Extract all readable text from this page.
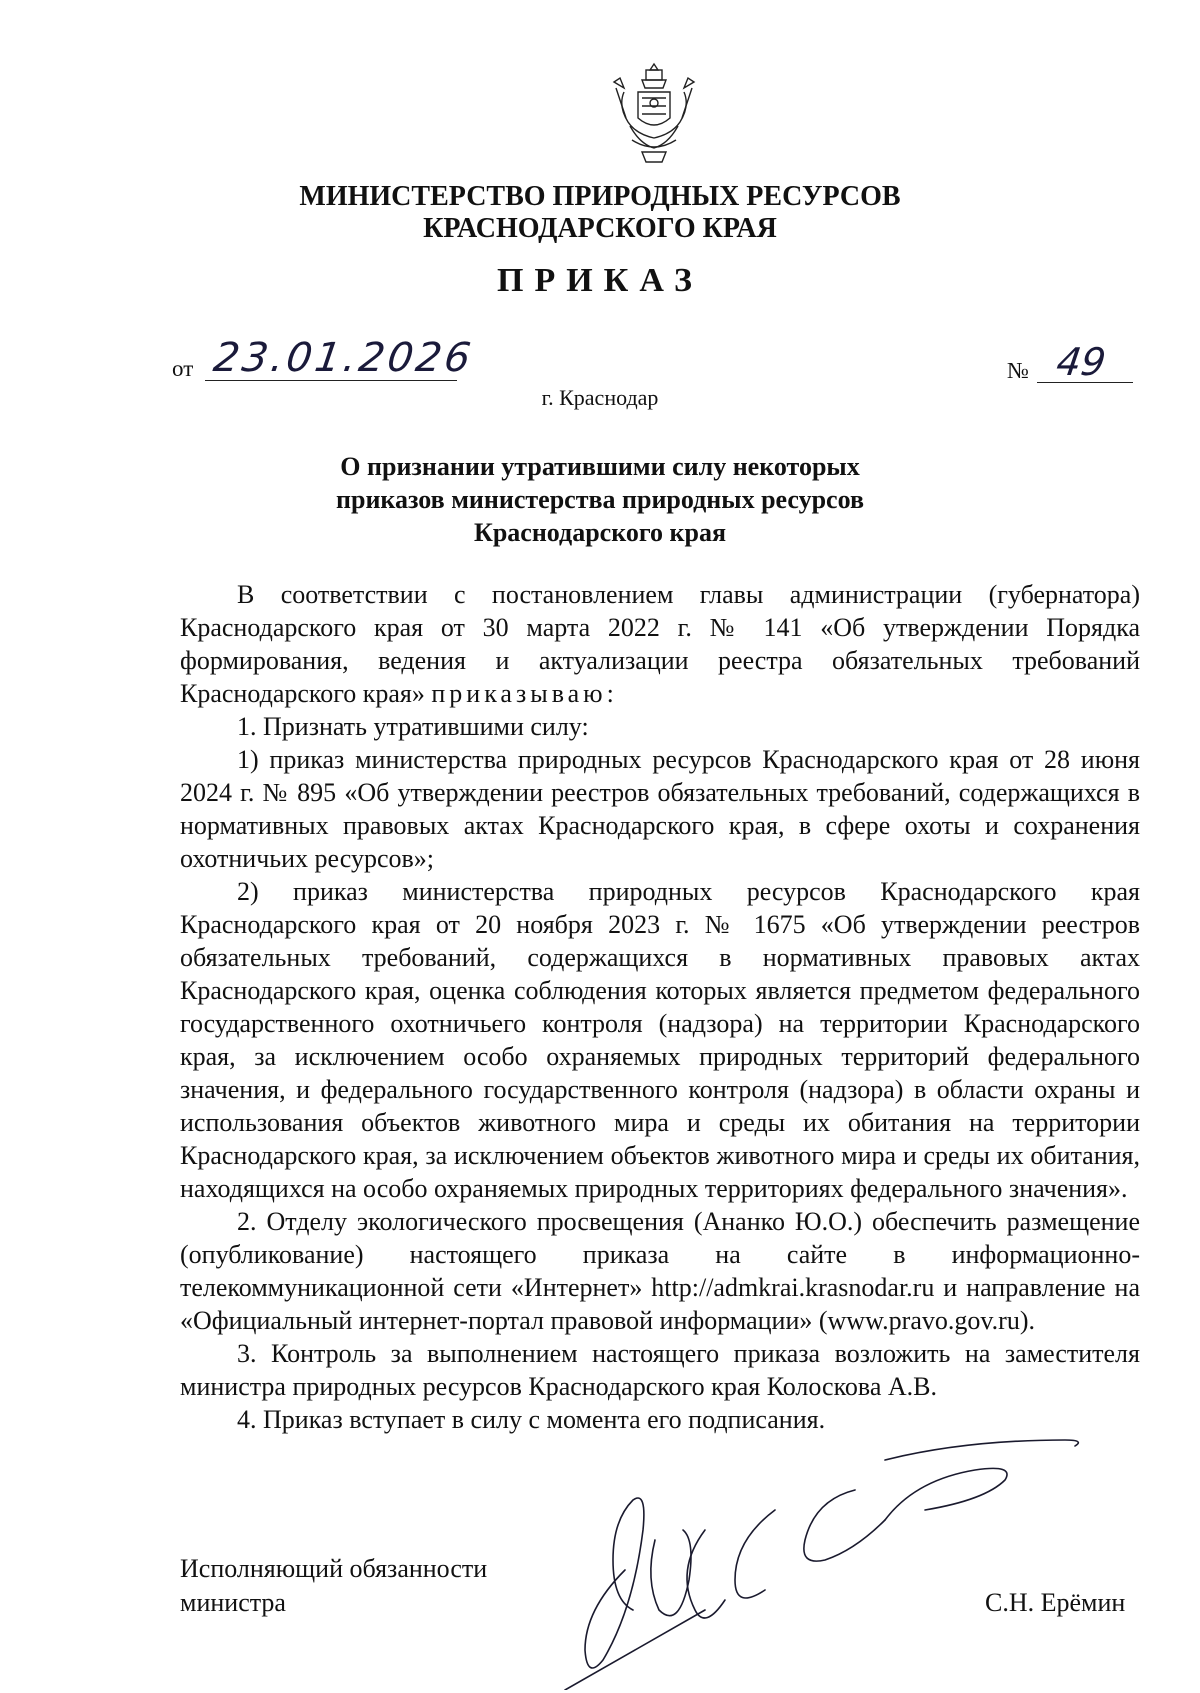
МИНИСТЕРСТВО ПРИРОДНЫХ РЕСУРСОВ
КРАСНОДАРСКОГО КРАЯ
ПРИКАЗ
от 23.01.2026	№ 49
г. Краснодар
О признании утратившими силу некоторых
приказов министерства природных ресурсов
Краснодарского края

В соответствии с постановлением главы администрации (губернатора) Краснодарского края от 30 марта 2022 г. № 141 «Об утверждении Порядка формирования, ведения и актуализации реестра обязательных требований Краснодарского края» приказываю:

1. Признать утратившими силу:

1) приказ министерства природных ресурсов Краснодарского края от 28 июня 2024 г. № 895 «Об утверждении реестров обязательных требований, содержащихся в нормативных правовых актах Краснодарского края, в сфере охоты и сохранения охотничьих ресурсов»;

2) приказ министерства природных ресурсов Краснодарского края Краснодарского края от 20 ноября 2023 г. № 1675 «Об утверждении реестров обязательных требований, содержащихся в нормативных правовых актах Краснодарского края, оценка соблюдения которых является предметом федерального государственного охотничьего контроля (надзора) на территории Краснодарского края, за исключением особо охраняемых природных территорий федерального значения, и федерального государственного контроля (надзора) в области охраны и использования объектов животного мира и среды их обитания на территории Краснодарского края, за исключением объектов животного мира и среды их обитания, находящихся на особо охраняемых природных территориях федерального значения».

2. Отделу экологического просвещения (Ананко Ю.О.) обеспечить размещение (опубликование) настоящего приказа на сайте в информационно-телекоммуникационной сети «Интернет» http://admkrai.krasnodar.ru и направление на «Официальный интернет-портал правовой информации» (www.pravo.gov.ru).

3. Контроль за выполнением настоящего приказа возложить на заместителя министра природных ресурсов Краснодарского края Колоскова А.В.

4. Приказ вступает в силу с момента его подписания.

Исполняющий обязанности
министра	С.Н. Ерёмин
